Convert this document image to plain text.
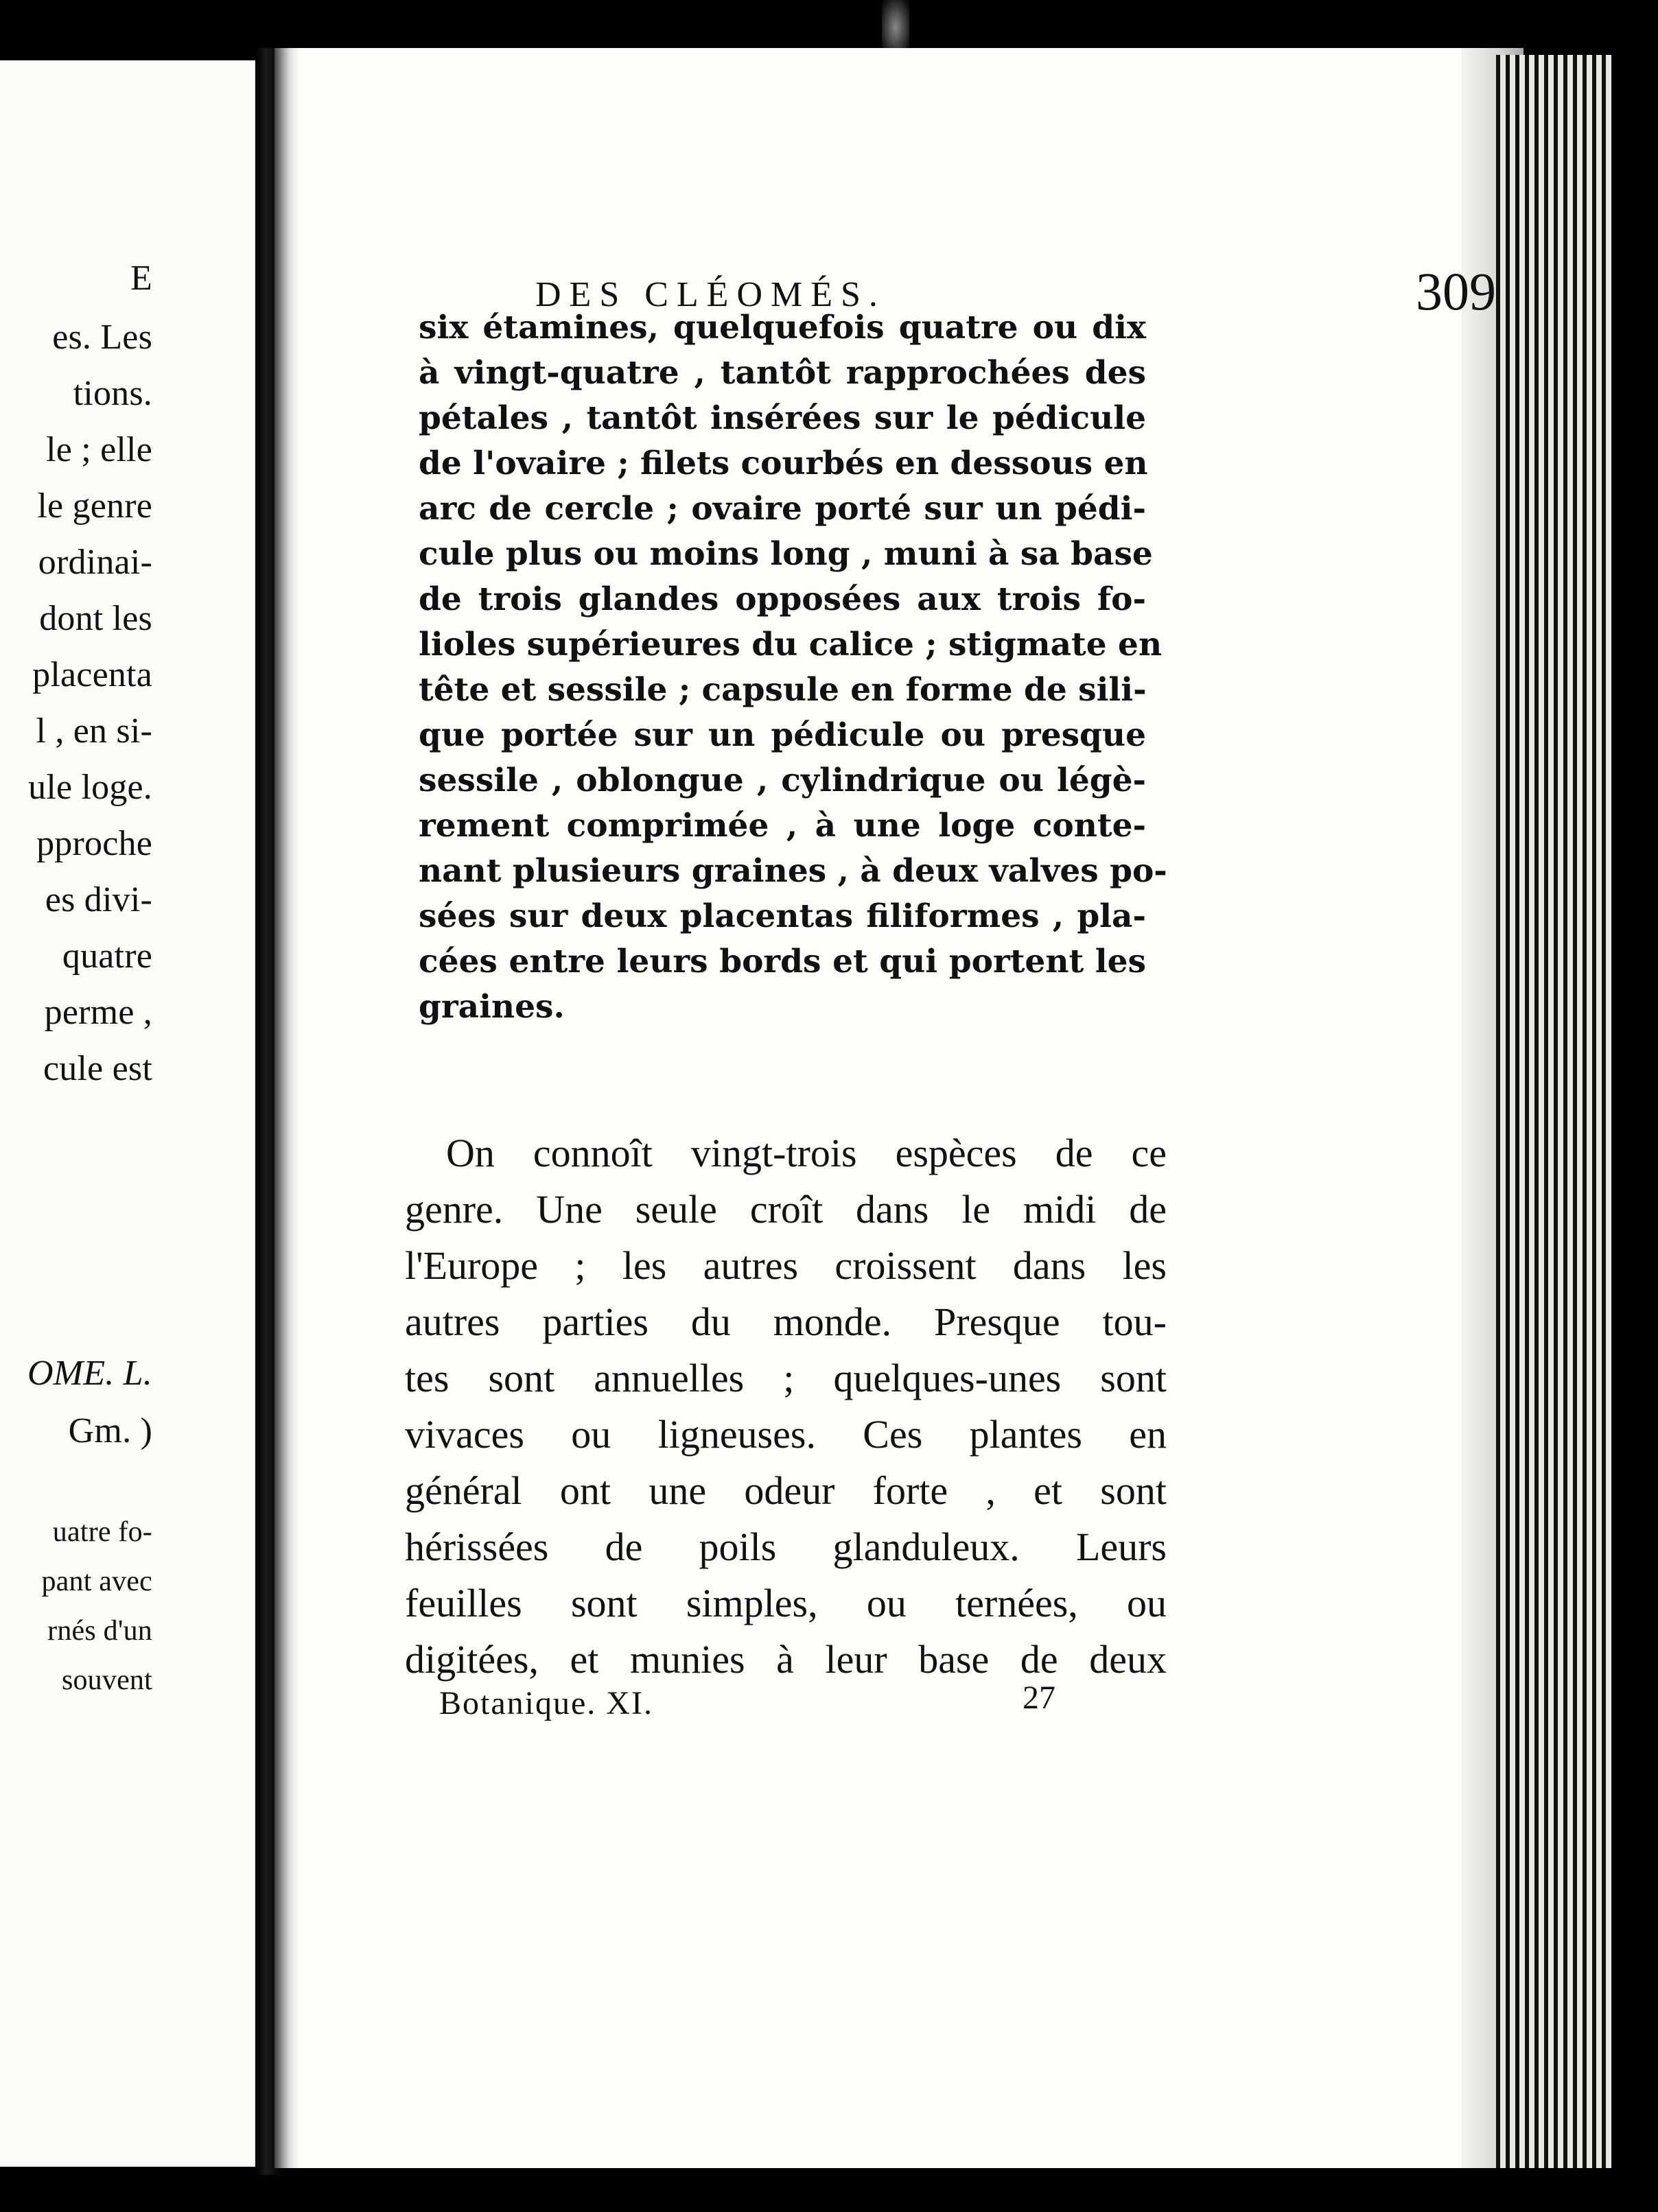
E
es. Les
tions.
le ; elle
le genre
ordinai-
dont les
placenta
l , en si-
ule loge.
pproche
es divi-
quatre
perme ,
cule est
OME. L.
Gm. )
uatre fo-
pant avec
rnés d'un
souvent
DES CLÉOMÉS.	309
six étamines, quelquefois quatre ou dix
à vingt-quatre , tantôt rapprochées des
pétales , tantôt insérées sur le pédicule
de l'ovaire ; filets courbés en dessous en
arc de cercle ; ovaire porté sur un pédi-
cule plus ou moins long , muni à sa base
de trois glandes opposées aux trois fo-
lioles supérieures du calice ; stigmate en
tête et sessile ; capsule en forme de sili-
que portée sur un pédicule ou presque
sessile , oblongue , cylindrique ou légè-
rement comprimée , à une loge conte-
nant plusieurs graines , à deux valves po-
sées sur deux placentas filiformes , pla-
cées entre leurs bords et qui portent les
graines.
On connoît vingt-trois espèces de ce
genre. Une seule croît dans le midi de
l'Europe ; les autres croissent dans les
autres parties du monde. Presque tou-
tes sont annuelles ; quelques-unes sont
vivaces ou ligneuses. Ces plantes en
général ont une odeur forte , et sont
hérissées de poils glanduleux. Leurs
feuilles sont simples, ou ternées, ou
digitées, et munies à leur base de deux
Botanique. XI.	27
